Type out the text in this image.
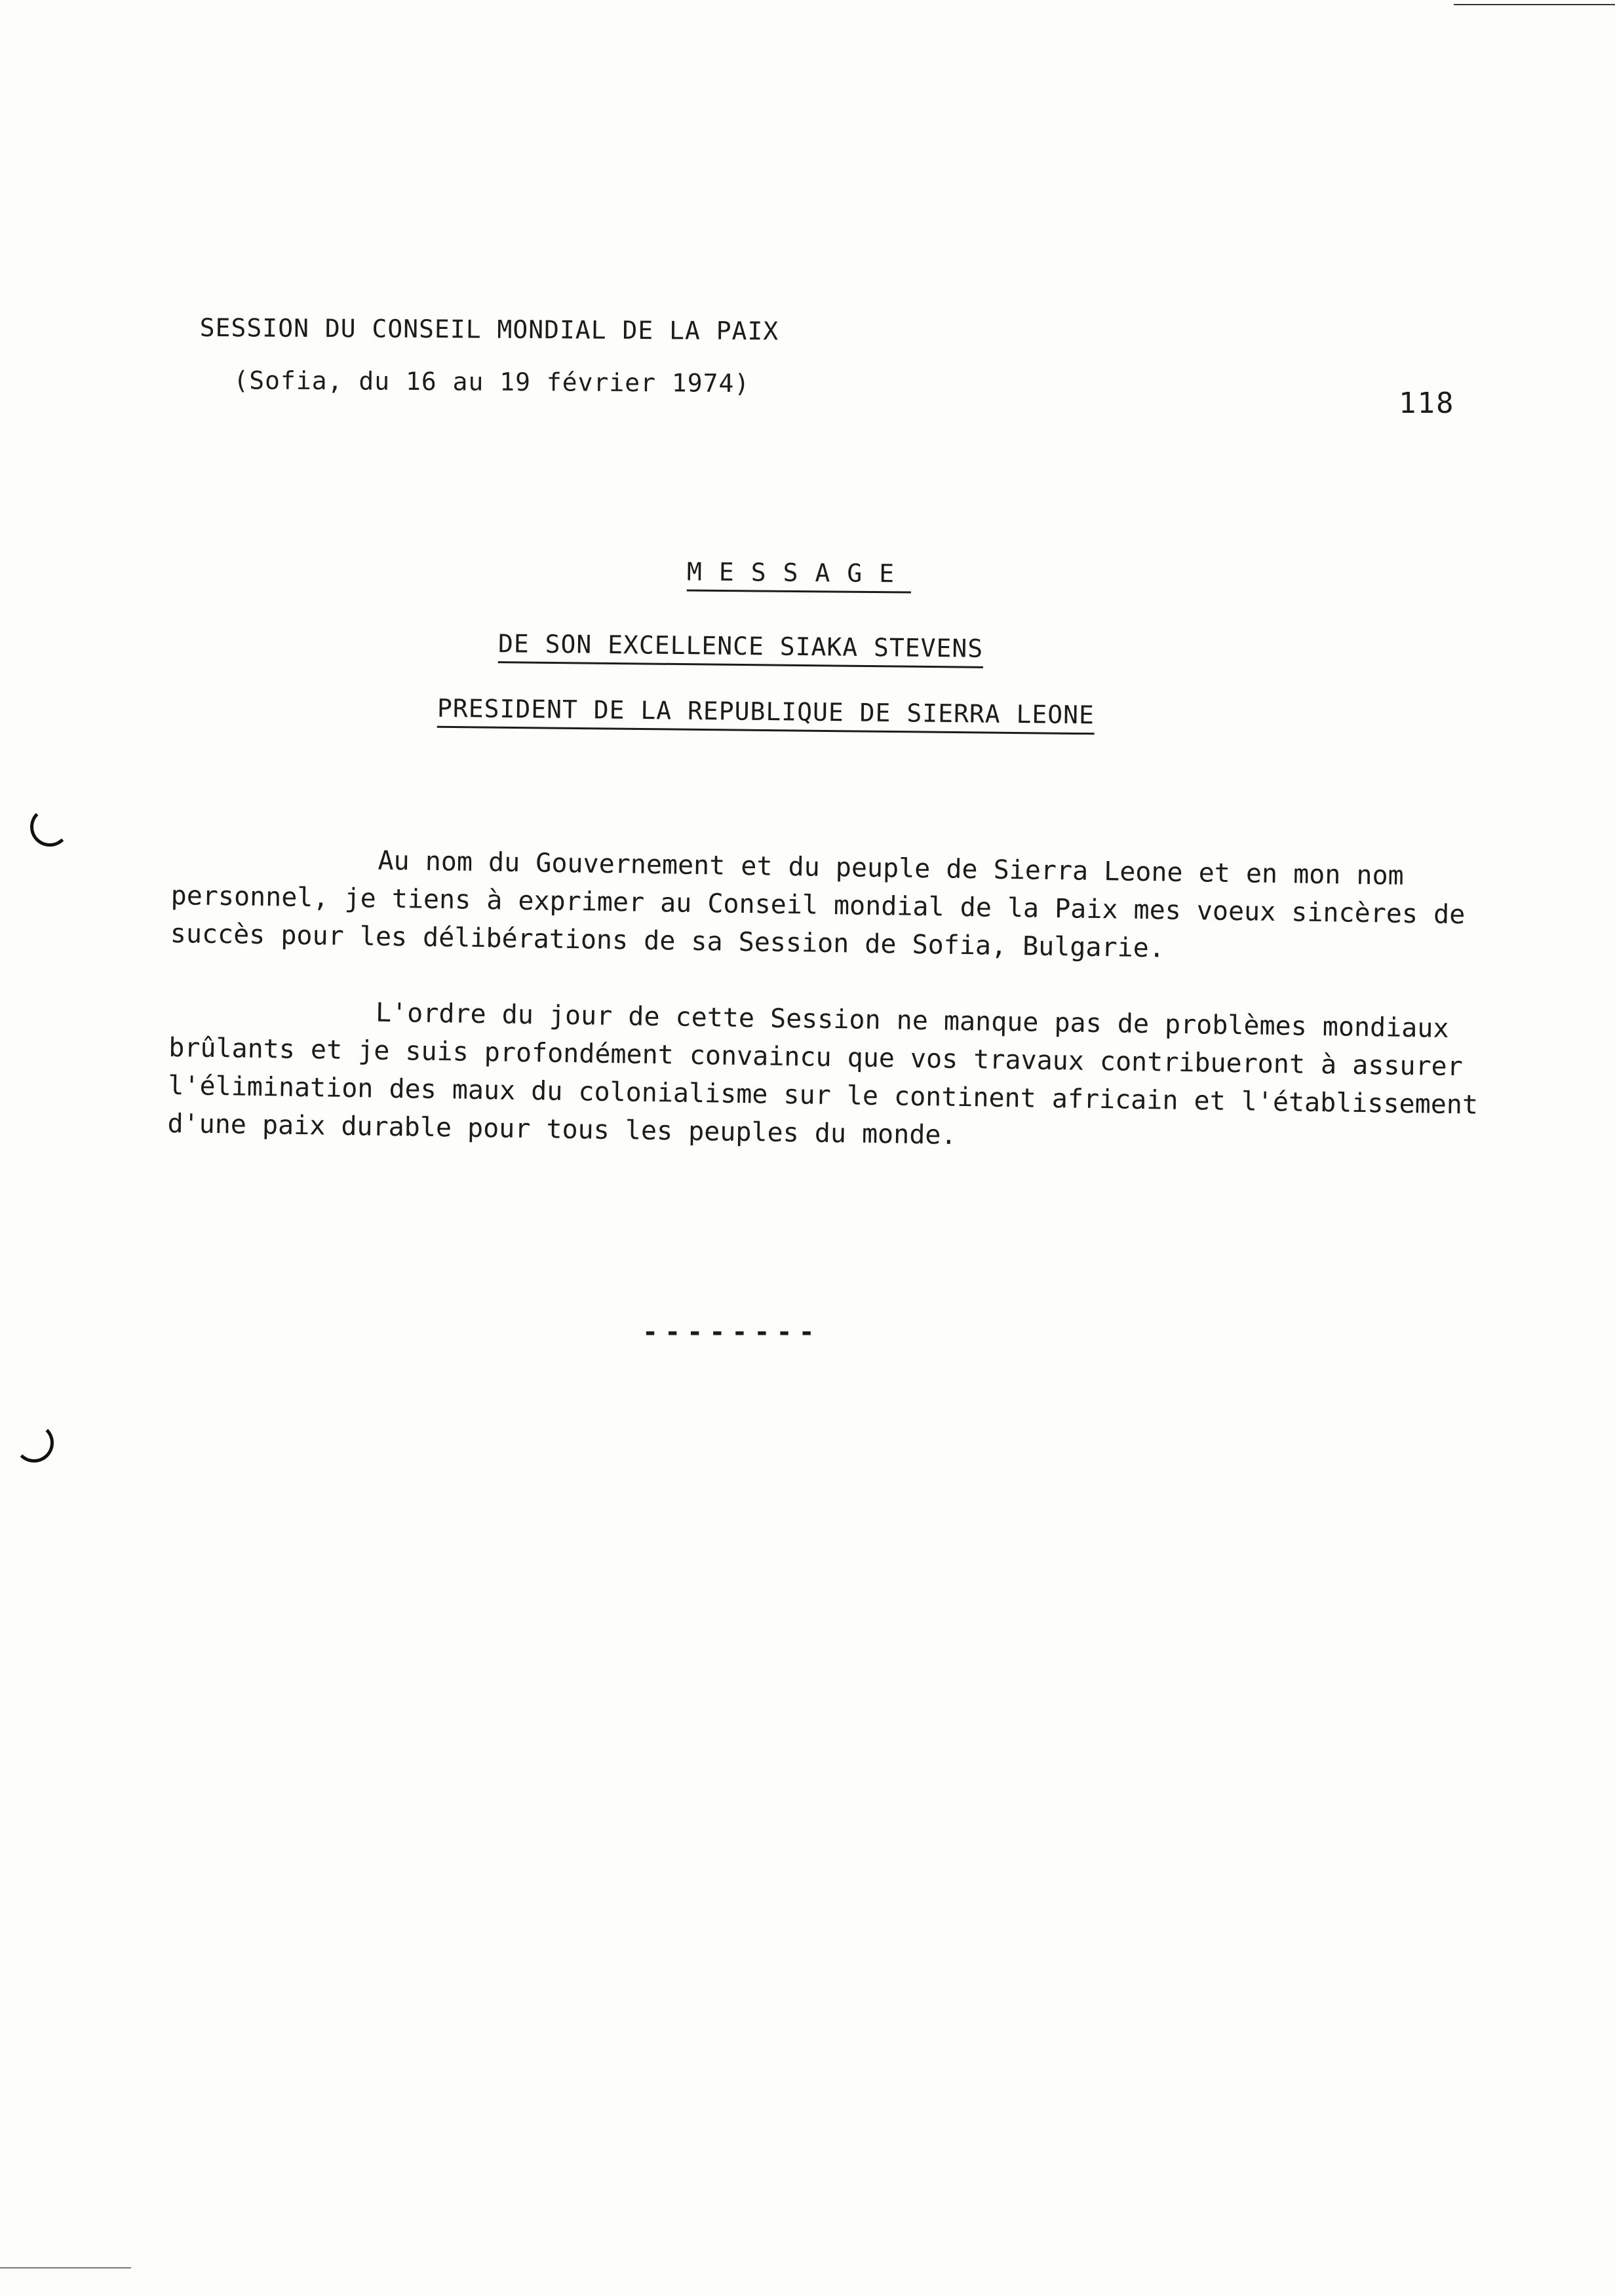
SESSION DU CONSEIL MONDIAL DE LA PAIX
(Sofia, du 16 au 19 février 1974)
118
MESSAGE
DE SON EXCELLENCE SIAKA STEVENS
PRESIDENT DE LA REPUBLIQUE DE SIERRA LEONE

Au nom du Gouvernement et du peuple de Sierra Leone et en mon nom personnel, je tiens à exprimer au Conseil mondial de la Paix mes voeux sincères de succès pour les délibérations de sa Session de Sofia, Bulgarie.

L'ordre du jour de cette Session ne manque pas de problèmes mondiaux brûlants et je suis profondément convaincu que vos travaux contribueront à assurer l'élimination des maux du colonialisme sur le continent africain et l'établissement d'une paix durable pour tous les peuples du monde.

--------
